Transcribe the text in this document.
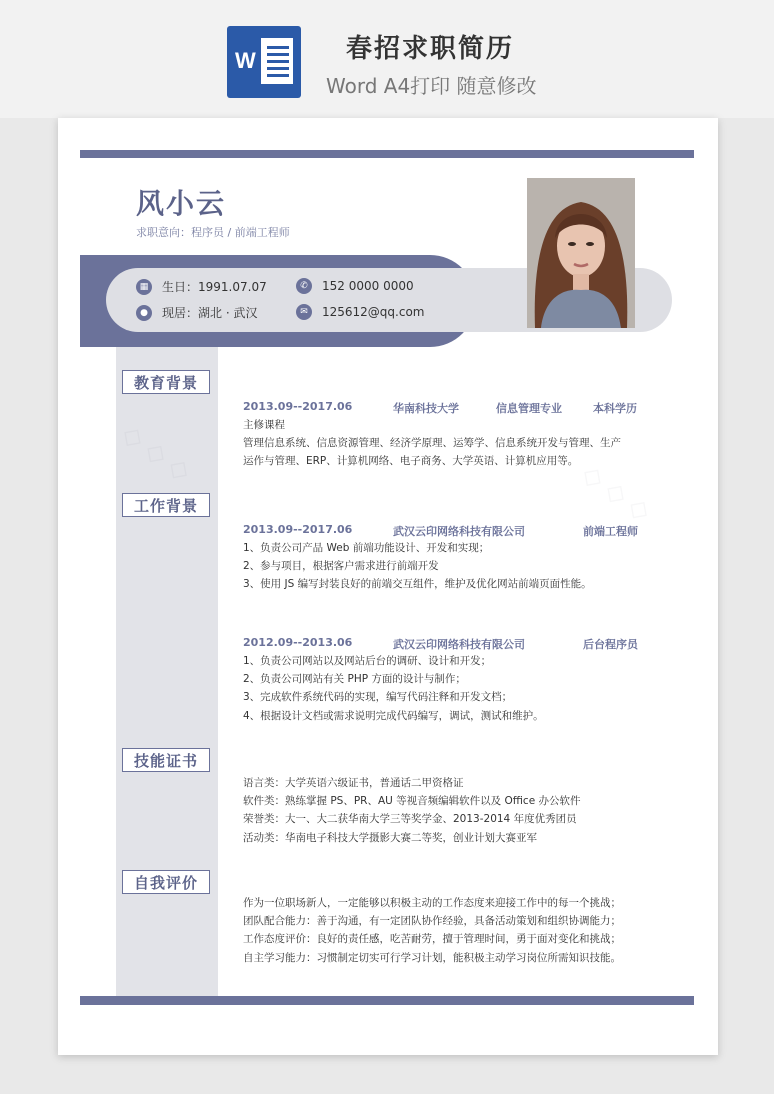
W	春招求职简历
Word A4打印 随意修改
◇ ◇ ◇
◇ ◇ ◇
风小云
求职意向：程序员 / 前端工程师
▦	生日：1991.07.07	✆	152 0000 0000
●	现居：湖北 · 武汉	✉	125612@qq.com
教育背景
工作背景
技能证书
自我评价
2013.09--2017.06	华南科技大学	信息管理专业	本科学历
主修课程
管理信息系统、信息资源管理、经济学原理、运筹学、信息系统开发与管理、生产
运作与管理、ERP、计算机网络、电子商务、大学英语、计算机应用等。
2013.09--2017.06	武汉云印网络科技有限公司	前端工程师
1、负责公司产品 Web 前端功能设计、开发和实现；
2、参与项目，根据客户需求进行前端开发
3、使用 JS 编写封装良好的前端交互组件，维护及优化网站前端页面性能。
2012.09--2013.06	武汉云印网络科技有限公司	后台程序员
1、负责公司网站以及网站后台的调研、设计和开发；
2、负责公司网站有关 PHP 方面的设计与制作；
3、完成软件系统代码的实现，编写代码注释和开发文档；
4、根据设计文档或需求说明完成代码编写，调试，测试和维护。
语言类：大学英语六级证书，普通话二甲资格证
软件类：熟练掌握 PS、PR、AU 等视音频编辑软件以及 Office 办公软件
荣誉类：大一、大二获华南大学三等奖学金、2013-2014 年度优秀团员
活动类：华南电子科技大学摄影大赛二等奖，创业计划大赛亚军
作为一位职场新人，一定能够以积极主动的工作态度来迎接工作中的每一个挑战；
团队配合能力：善于沟通，有一定团队协作经验，具备活动策划和组织协调能力；
工作态度评价：良好的责任感，吃苦耐劳，擅于管理时间，勇于面对变化和挑战；
自主学习能力：习惯制定切实可行学习计划，能积极主动学习岗位所需知识技能。
